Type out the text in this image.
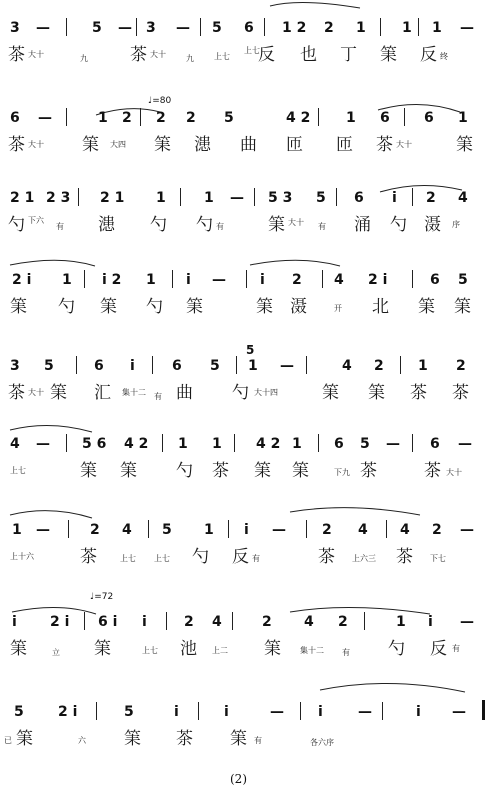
3 —	5 — 3 — 5 6 1 2 2 1	1 1 —
茶 大十	九 茶 大十	九	上七
上七
反 也 丁 筙 反 终
♩=80
6 —	1 2 2 2 5	4 2	1 6 6 1
茶 大十 筙 大四 筙 漶 曲 匝 匝 茶 大十	筙
2 1 2 3 2 1 1	1 — 5 3 5 6 i 2 4
勺 下六
有 漶 勺 勺 有	筙 大十 有 涌 勺 滠 序
2 i 1 i 2 1 i — i 2 4 2 i	6 5
筙 勺 筙 勺 筙	筙 滠	开 北 筙 筙
3 5	6 i	6 5
5
1 —	4 2 1 2
茶 大十 筙 汇 集十二 有 曲 勺 大十四	筙 筙 茶 茶
4 — 5 6 4 2 1 1 4 2 1 6 5 — 6 —
上七	筙 筙 勺 茶 筙 筙	下九 茶	茶 大十
1 —	2 4 5 1 i —	2 4 4 2 —
上十六	茶	上七 上七 勺 反 有	茶 上六三 茶 下七
♩=72
i 2 i 6 i i	2 4	2 4 2	1 i —
筙	立 筙	上七 池 上二 筙 集十二 有 勺 反 有
5 2 i	5	i	i	— i	—	i —
已 筙	六 筙 茶 筙 有	各六序
(2)
